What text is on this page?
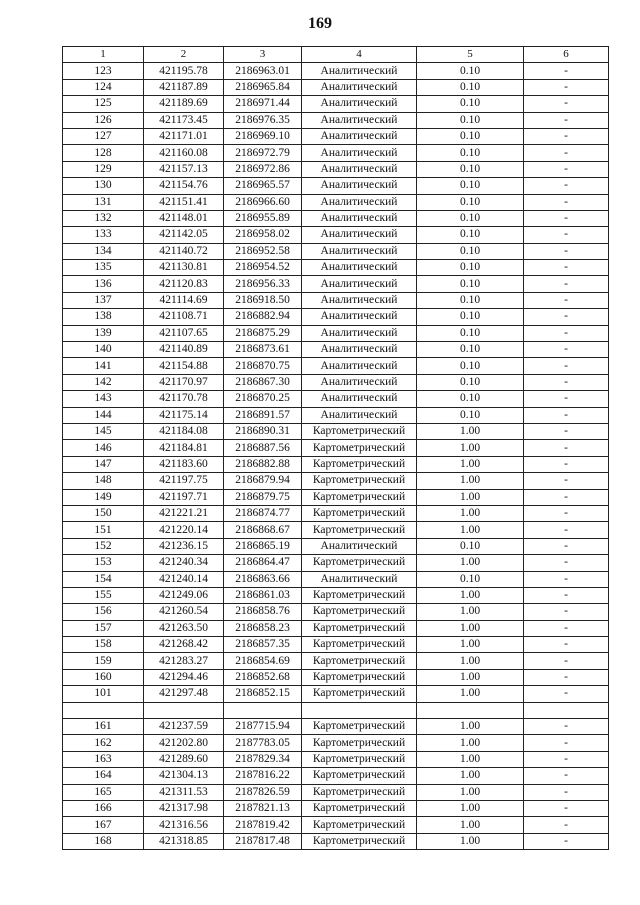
169
1	2	3	4	5	6
123	421195.78	2186963.01	Аналитический	0.10	-
124	421187.89	2186965.84	Аналитический	0.10	-
125	421189.69	2186971.44	Аналитический	0.10	-
126	421173.45	2186976.35	Аналитический	0.10	-
127	421171.01	2186969.10	Аналитический	0.10	-
128	421160.08	2186972.79	Аналитический	0.10	-
129	421157.13	2186972.86	Аналитический	0.10	-
130	421154.76	2186965.57	Аналитический	0.10	-
131	421151.41	2186966.60	Аналитический	0.10	-
132	421148.01	2186955.89	Аналитический	0.10	-
133	421142.05	2186958.02	Аналитический	0.10	-
134	421140.72	2186952.58	Аналитический	0.10	-
135	421130.81	2186954.52	Аналитический	0.10	-
136	421120.83	2186956.33	Аналитический	0.10	-
137	421114.69	2186918.50	Аналитический	0.10	-
138	421108.71	2186882.94	Аналитический	0.10	-
139	421107.65	2186875.29	Аналитический	0.10	-
140	421140.89	2186873.61	Аналитический	0.10	-
141	421154.88	2186870.75	Аналитический	0.10	-
142	421170.97	2186867.30	Аналитический	0.10	-
143	421170.78	2186870.25	Аналитический	0.10	-
144	421175.14	2186891.57	Аналитический	0.10	-
145	421184.08	2186890.31	Картометрический	1.00	-
146	421184.81	2186887.56	Картометрический	1.00	-
147	421183.60	2186882.88	Картометрический	1.00	-
148	421197.75	2186879.94	Картометрический	1.00	-
149	421197.71	2186879.75	Картометрический	1.00	-
150	421221.21	2186874.77	Картометрический	1.00	-
151	421220.14	2186868.67	Картометрический	1.00	-
152	421236.15	2186865.19	Аналитический	0.10	-
153	421240.34	2186864.47	Картометрический	1.00	-
154	421240.14	2186863.66	Аналитический	0.10	-
155	421249.06	2186861.03	Картометрический	1.00	-
156	421260.54	2186858.76	Картометрический	1.00	-
157	421263.50	2186858.23	Картометрический	1.00	-
158	421268.42	2186857.35	Картометрический	1.00	-
159	421283.27	2186854.69	Картометрический	1.00	-
160	421294.46	2186852.68	Картометрический	1.00	-
101	421297.48	2186852.15	Картометрический	1.00	-

161	421237.59	2187715.94	Картометрический	1.00	-
162	421202.80	2187783.05	Картометрический	1.00	-
163	421289.60	2187829.34	Картометрический	1.00	-
164	421304.13	2187816.22	Картометрический	1.00	-
165	421311.53	2187826.59	Картометрический	1.00	-
166	421317.98	2187821.13	Картометрический	1.00	-
167	421316.56	2187819.42	Картометрический	1.00	-
168	421318.85	2187817.48	Картометрический	1.00	-
